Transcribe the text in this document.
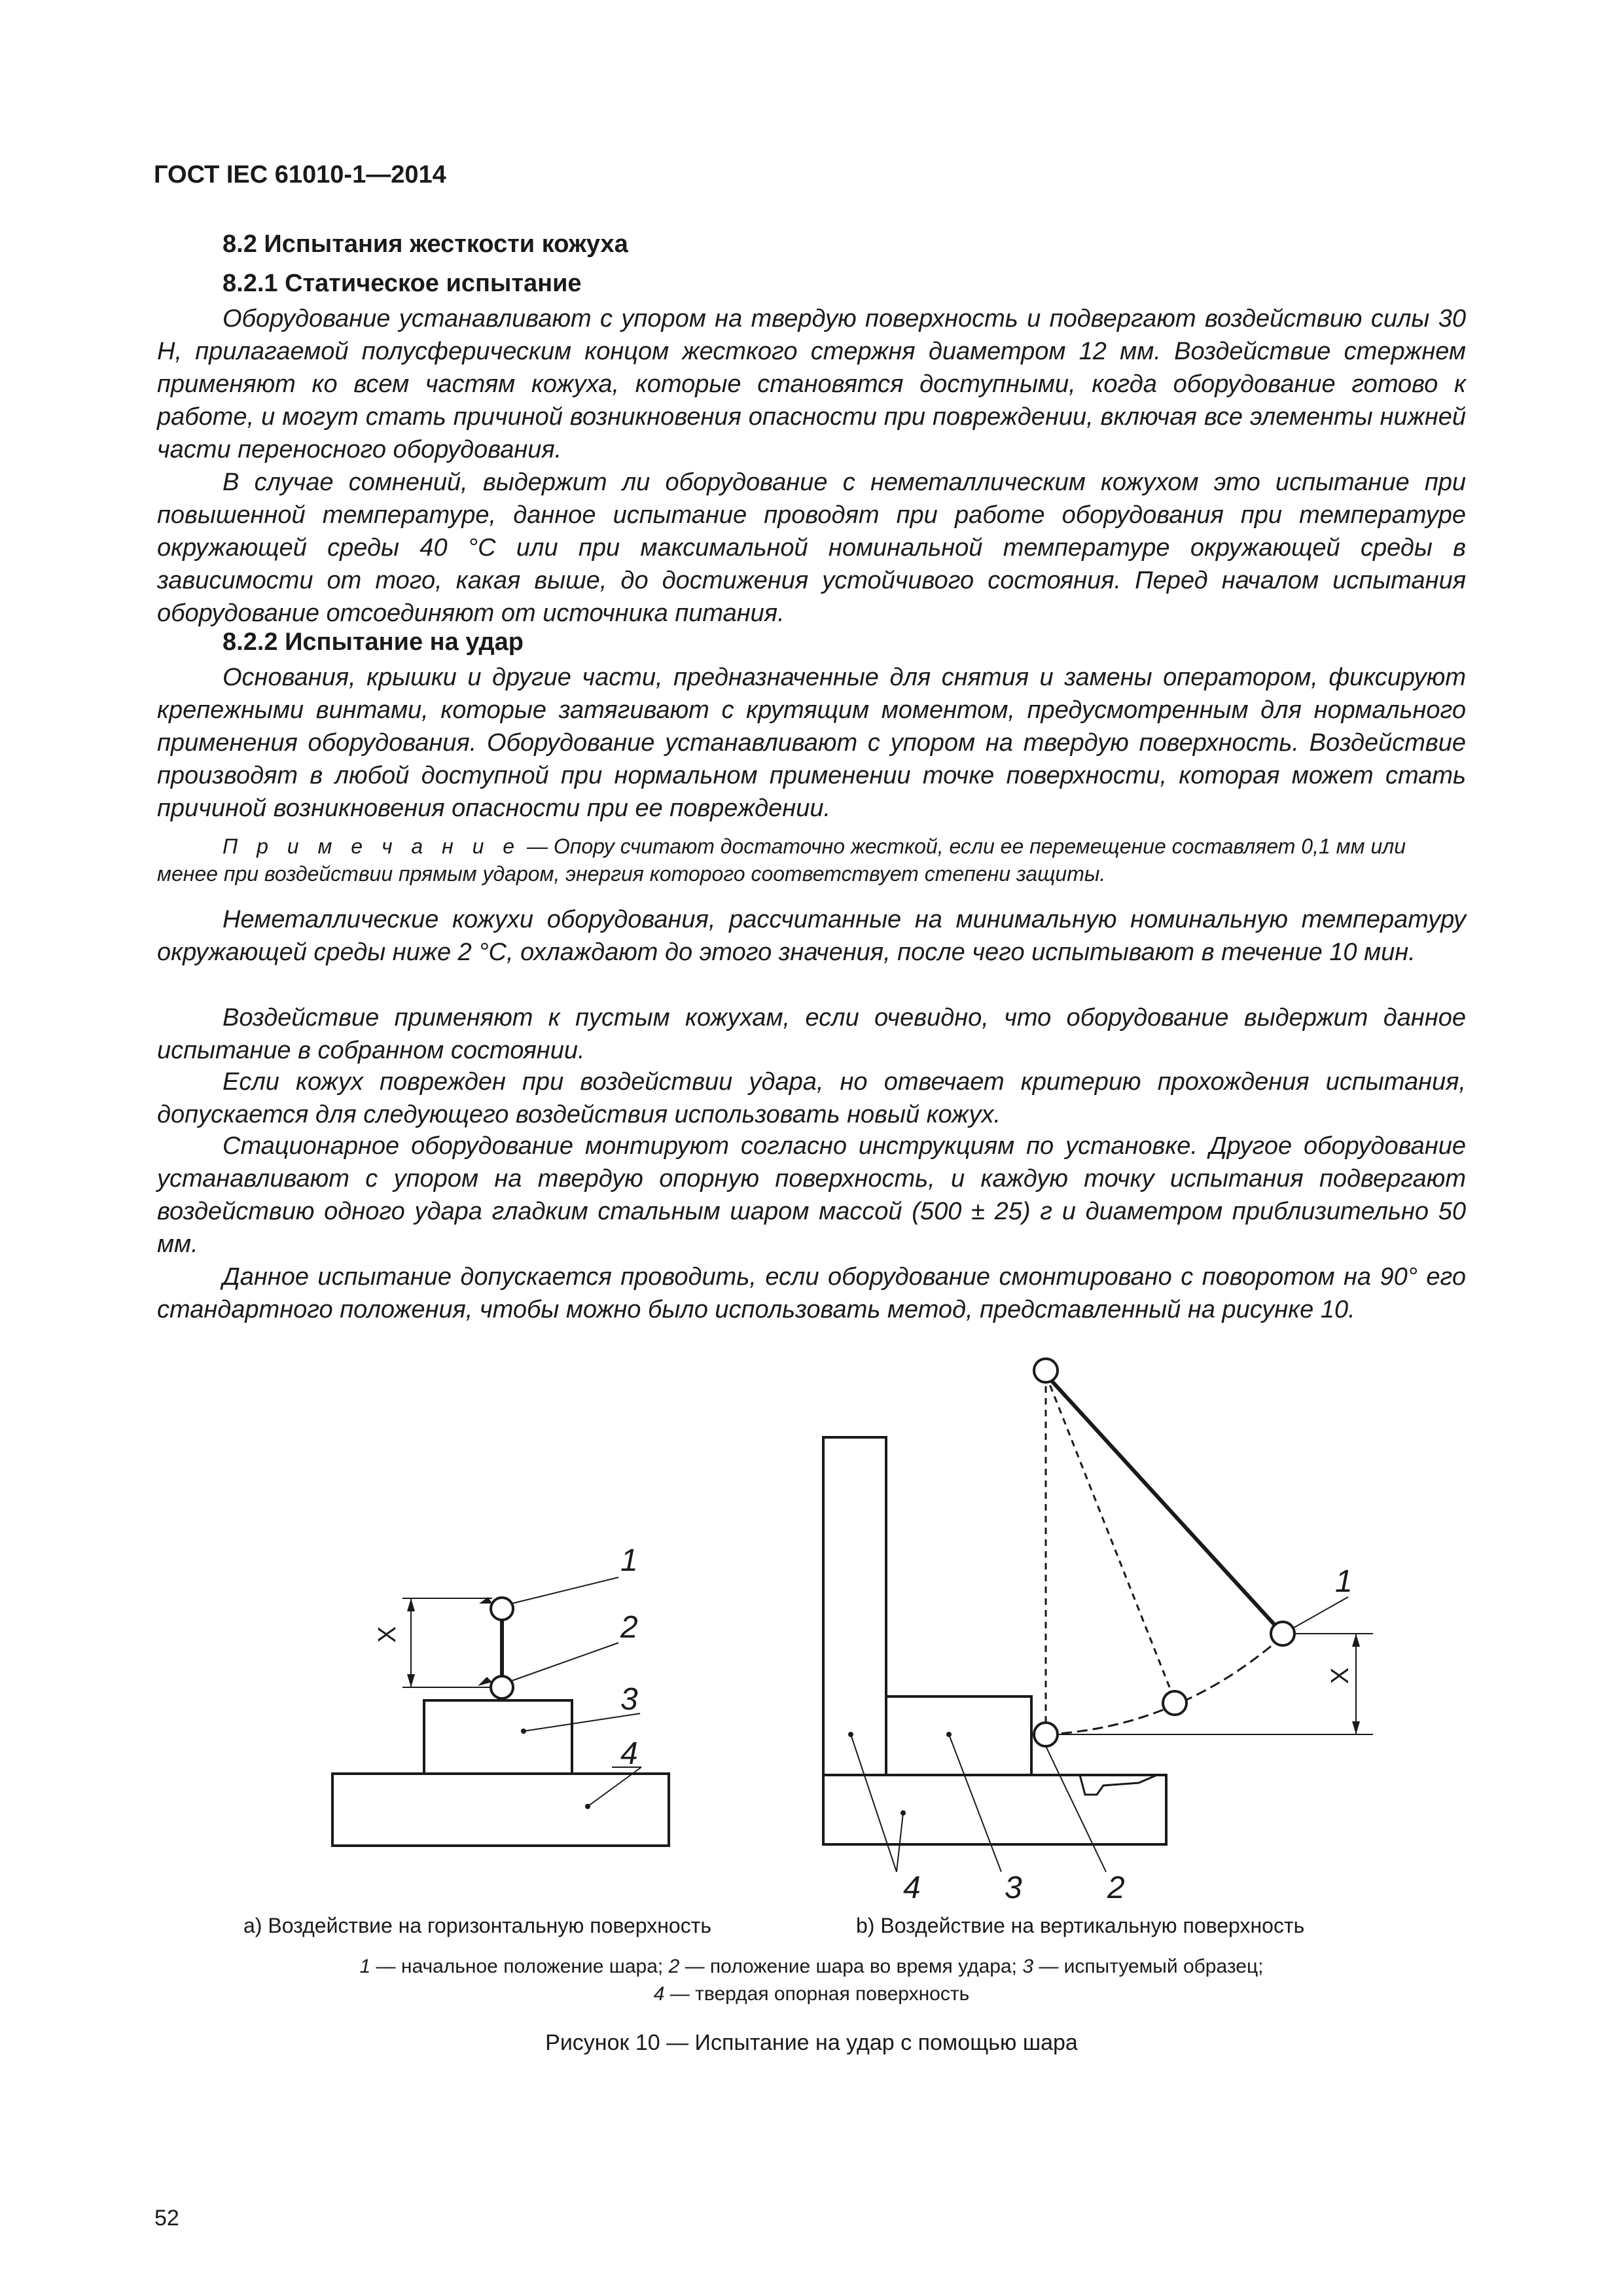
ГОСТ IEC 61010-1—2014
8.2 Испытания жесткости кожуха
8.2.1 Статическое испытание

Оборудование устанавливают с упором на твердую поверхность и подвергают воздействию силы 30 Н, прилагаемой полусферическим концом жесткого стержня диаметром 12 мм. Воздействие стержнем применяют ко всем частям кожуха, которые становятся доступными, когда оборудование готово к работе, и могут стать причиной возникновения опасности при повреждении, включая все элементы нижней части переносного оборудования.

В случае сомнений, выдержит ли оборудование с неметаллическим кожухом это испытание при повышенной температуре, данное испытание проводят при работе оборудования при температуре окружающей среды 40 °С или при максимальной номинальной температуре окружающей среды в зависимости от того, какая выше, до достижения устойчивого состояния. Перед началом испытания оборудование отсоединяют от источника питания.

8.2.2 Испытание на удар

Основания, крышки и другие части, предназначенные для снятия и замены оператором, фиксируют крепежными винтами, которые затягивают с крутящим моментом, предусмотренным для нормального применения оборудования. Оборудование устанавливают с упором на твердую поверхность. Воздействие производят в любой доступной при нормальном применении точке поверхности, которая может стать причиной возникновения опасности при ее повреждении.

П р и м е ч а н и е — Опору считают достаточно жесткой, если ее перемещение составляет 0,1 мм или менее при воздействии прямым ударом, энергия которого соответствует степени защиты.

Неметаллические кожухи оборудования, рассчитанные на минимальную номинальную температуру окружающей среды ниже 2 °С, охлаждают до этого значения, после чего испытывают в течение 10 мин.

Воздействие применяют к пустым кожухам, если очевидно, что оборудование выдержит данное испытание в собранном состоянии.

Если кожух поврежден при воздействии удара, но отвечает критерию прохождения испытания, допускается для следующего воздействия использовать новый кожух.

Стационарное оборудование монтируют согласно инструкциям по установке. Другое оборудование устанавливают с упором на твердую опорную поверхность, и каждую точку испытания подвергают воздействию одного удара гладким стальным шаром массой (500 ± 25) г и диаметром приблизительно 50 мм.

Данное испытание допускается проводить, если оборудование смонтировано с поворотом на 90° его стандартного положения, чтобы можно было использовать метод, представленный на рисунке 10.

1
2
3
4
1
2
3
4
X
X
a) Воздействие на горизонтальную поверхность	b) Воздействие на вертикальную поверхность
1 — начальное положение шара; 2 — положение шара во время удара; 3 — испытуемый образец;
4 — твердая опорная поверхность
Рисунок 10 — Испытание на удар с помощью шара
52
